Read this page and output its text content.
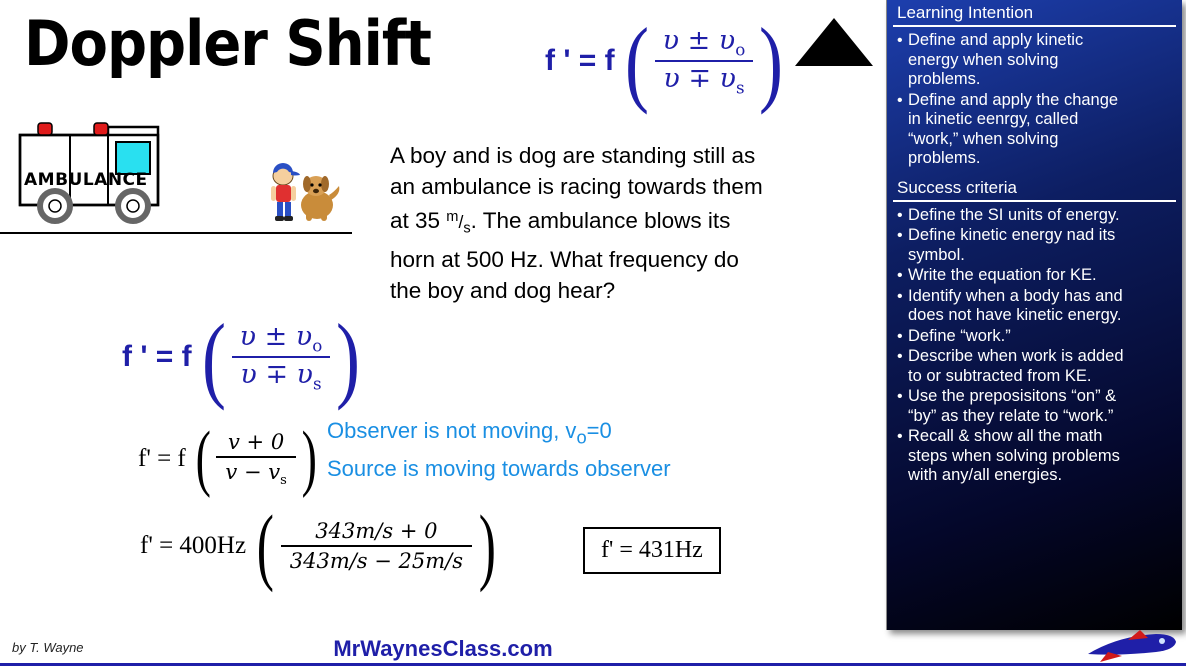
Doppler Shift	f ' = f ( $\frac{\upsilon \pm \upsilon_o}{\upsilon \mp \upsilon_s}$ )
AMBULANCE
A boy and is dog are standing still as
an ambulance is racing towards them
at 35 $^m/_s$. The ambulance blows its
horn at 500 Hz. What frequency do
the boy and dog hear?
f ' = f ( $\frac{\upsilon \pm \upsilon_o}{\upsilon \mp \upsilon_s}$ )
f' = f ( $\frac{v + 0}{v - v_s}$ ) Observer is not moving, $v_o=0$
Source is moving towards observer
f' = 400Hz ( $\frac{343m/s + 0}{343m/s - 25m/s}$ )	f' = 431Hz
Learning Intention
• Define and apply kinetic
energy when solving
problems.
• Define and apply the change
in kinetic eenrgy, called
“work,” when solving
problems.
Success criteria
• Define the SI units of energy.
• Define kinetic energy nad its
symbol.
• Write the equation for KE.
• Identify when a body has and
does not have kinetic energy.
• Define “work.”
• Describe when work is added
to or subtracted from KE.
• Use the preposisitons “on” &
“by” as they relate to “work.”
• Recall & show all the math
steps when solving problems
with any/all energies.
by T. Wayne	MrWaynesClass.com
